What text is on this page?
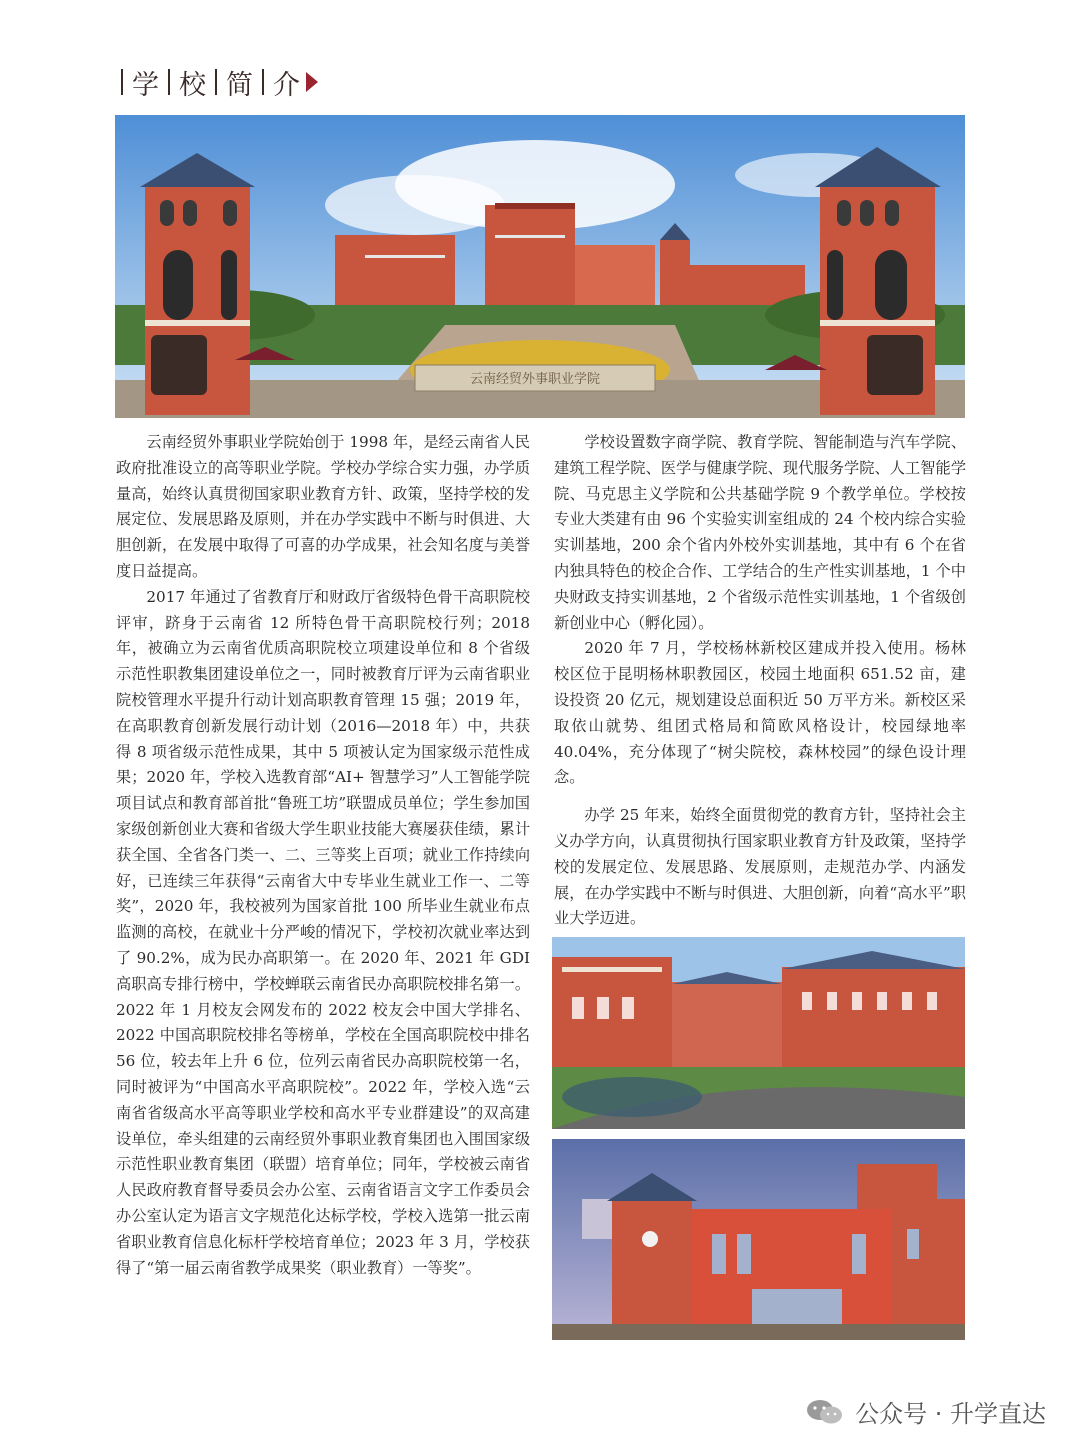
学 校 简 介
云南经贸外事职业学院

云南经贸外事职业学院始创于 1998 年，是经云南省人民政府批准设立的高等职业学院。学校办学综合实力强，办学质量高，始终认真贯彻国家职业教育方针、政策，坚持学校的发展定位、发展思路及原则，并在办学实践中不断与时俱进、大胆创新，在发展中取得了可喜的办学成果，社会知名度与美誉度日益提高。

2017 年通过了省教育厅和财政厅省级特色骨干高职院校评审，跻身于云南省 12 所特色骨干高职院校行列；2018 年，被确立为云南省优质高职院校立项建设单位和 8 个省级示范性职教集团建设单位之一，同时被教育厅评为云南省职业院校管理水平提升行动计划高职教育管理 15 强；2019 年，在高职教育创新发展行动计划（2016—2018 年）中，共获得 8 项省级示范性成果，其中 5 项被认定为国家级示范性成果；2020 年，学校入选教育部“AI+ 智慧学习”人工智能学院项目试点和教育部首批“鲁班工坊”联盟成员单位；学生参加国家级创新创业大赛和省级大学生职业技能大赛屡获佳绩，累计获全国、全省各门类一、二、三等奖上百项；就业工作持续向好，已连续三年获得“云南省大中专毕业生就业工作一、二等奖”，2020 年，我校被列为国家首批 100 所毕业生就业布点监测的高校，在就业十分严峻的情况下，学校初次就业率达到了 90.2%，成为民办高职第一。在 2020 年、2021 年 GDI 高职高专排行榜中，学校蝉联云南省民办高职院校排名第一。2022 年 1 月校友会网发布的 2022 校友会中国大学排名、2022 中国高职院校排名等榜单，学校在全国高职院校中排名 56 位，较去年上升 6 位，位列云南省民办高职院校第一名，同时被评为“中国高水平高职院校”。2022 年，学校入选“云南省省级高水平高等职业学校和高水平专业群建设”的双高建设单位，牵头组建的云南经贸外事职业教育集团也入围国家级示范性职业教育集团（联盟）培育单位；同年，学校被云南省人民政府教育督导委员会办公室、云南省语言文字工作委员会办公室认定为语言文字规范化达标学校，学校入选第一批云南省职业教育信息化标杆学校培育单位；2023 年 3 月，学校获得了“第一届云南省教学成果奖（职业教育）一等奖”。

学校设置数字商学院、教育学院、智能制造与汽车学院、建筑工程学院、医学与健康学院、现代服务学院、人工智能学院、马克思主义学院和公共基础学院 9 个教学单位。学校按专业大类建有由 96 个实验实训室组成的 24 个校内综合实验实训基地，200 余个省内外校外实训基地，其中有 6 个在省内独具特色的校企合作、工学结合的生产性实训基地，1 个中央财政支持实训基地，2 个省级示范性实训基地，1 个省级创新创业中心（孵化园）。

2020 年 7 月，学校杨林新校区建成并投入使用。杨林校区位于昆明杨林职教园区，校园土地面积 651.52 亩，建设投资 20 亿元，规划建设总面积近 50 万平方米。新校区采取依山就势、组团式格局和简欧风格设计，校园绿地率 40.04%，充分体现了“树尖院校，森林校园”的绿色设计理念。

办学 25 年来，始终全面贯彻党的教育方针，坚持社会主义办学方向，认真贯彻执行国家职业教育方针及政策，坚持学校的发展定位、发展思路、发展原则，走规范办学、内涵发展，在办学实践中不断与时俱进、大胆创新，向着“高水平”职业大学迈进。

公众号 · 升学直达
